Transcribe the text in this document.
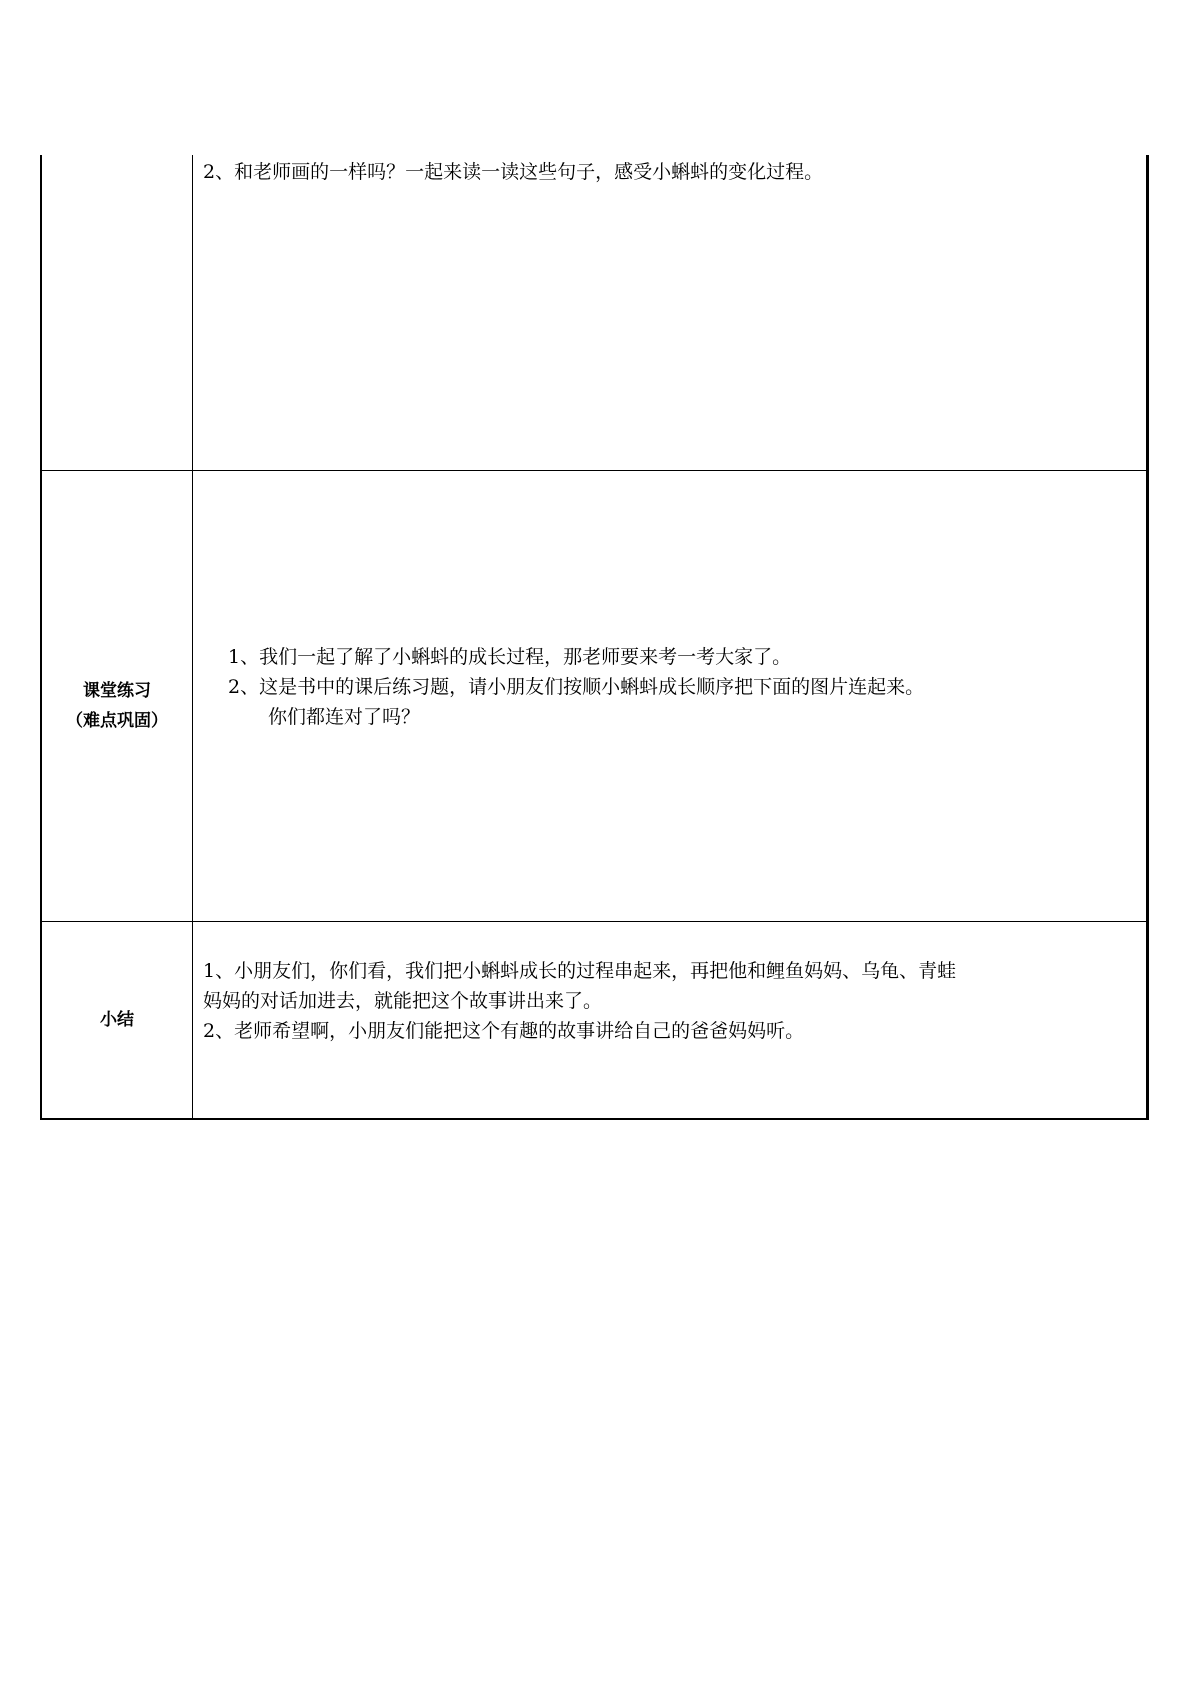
	2、和老师画的一样吗？一起来读一读这些句子，感受小蝌蚪的变化过程。

课堂练习
（难点巩固）	1、我们一起了解了小蝌蚪的成长过程，那老师要来考一考大家了。
2、这是书中的课后练习题，请小朋友们按顺小蝌蚪成长顺序把下面的图片连起来。
你们都连对了吗？

小结	1、小朋友们，你们看，我们把小蝌蚪成长的过程串起来，再把他和鲤鱼妈妈、乌龟、青蛙
妈妈的对话加进去，就能把这个故事讲出来了。
2、老师希望啊，小朋友们能把这个有趣的故事讲给自己的爸爸妈妈听。
